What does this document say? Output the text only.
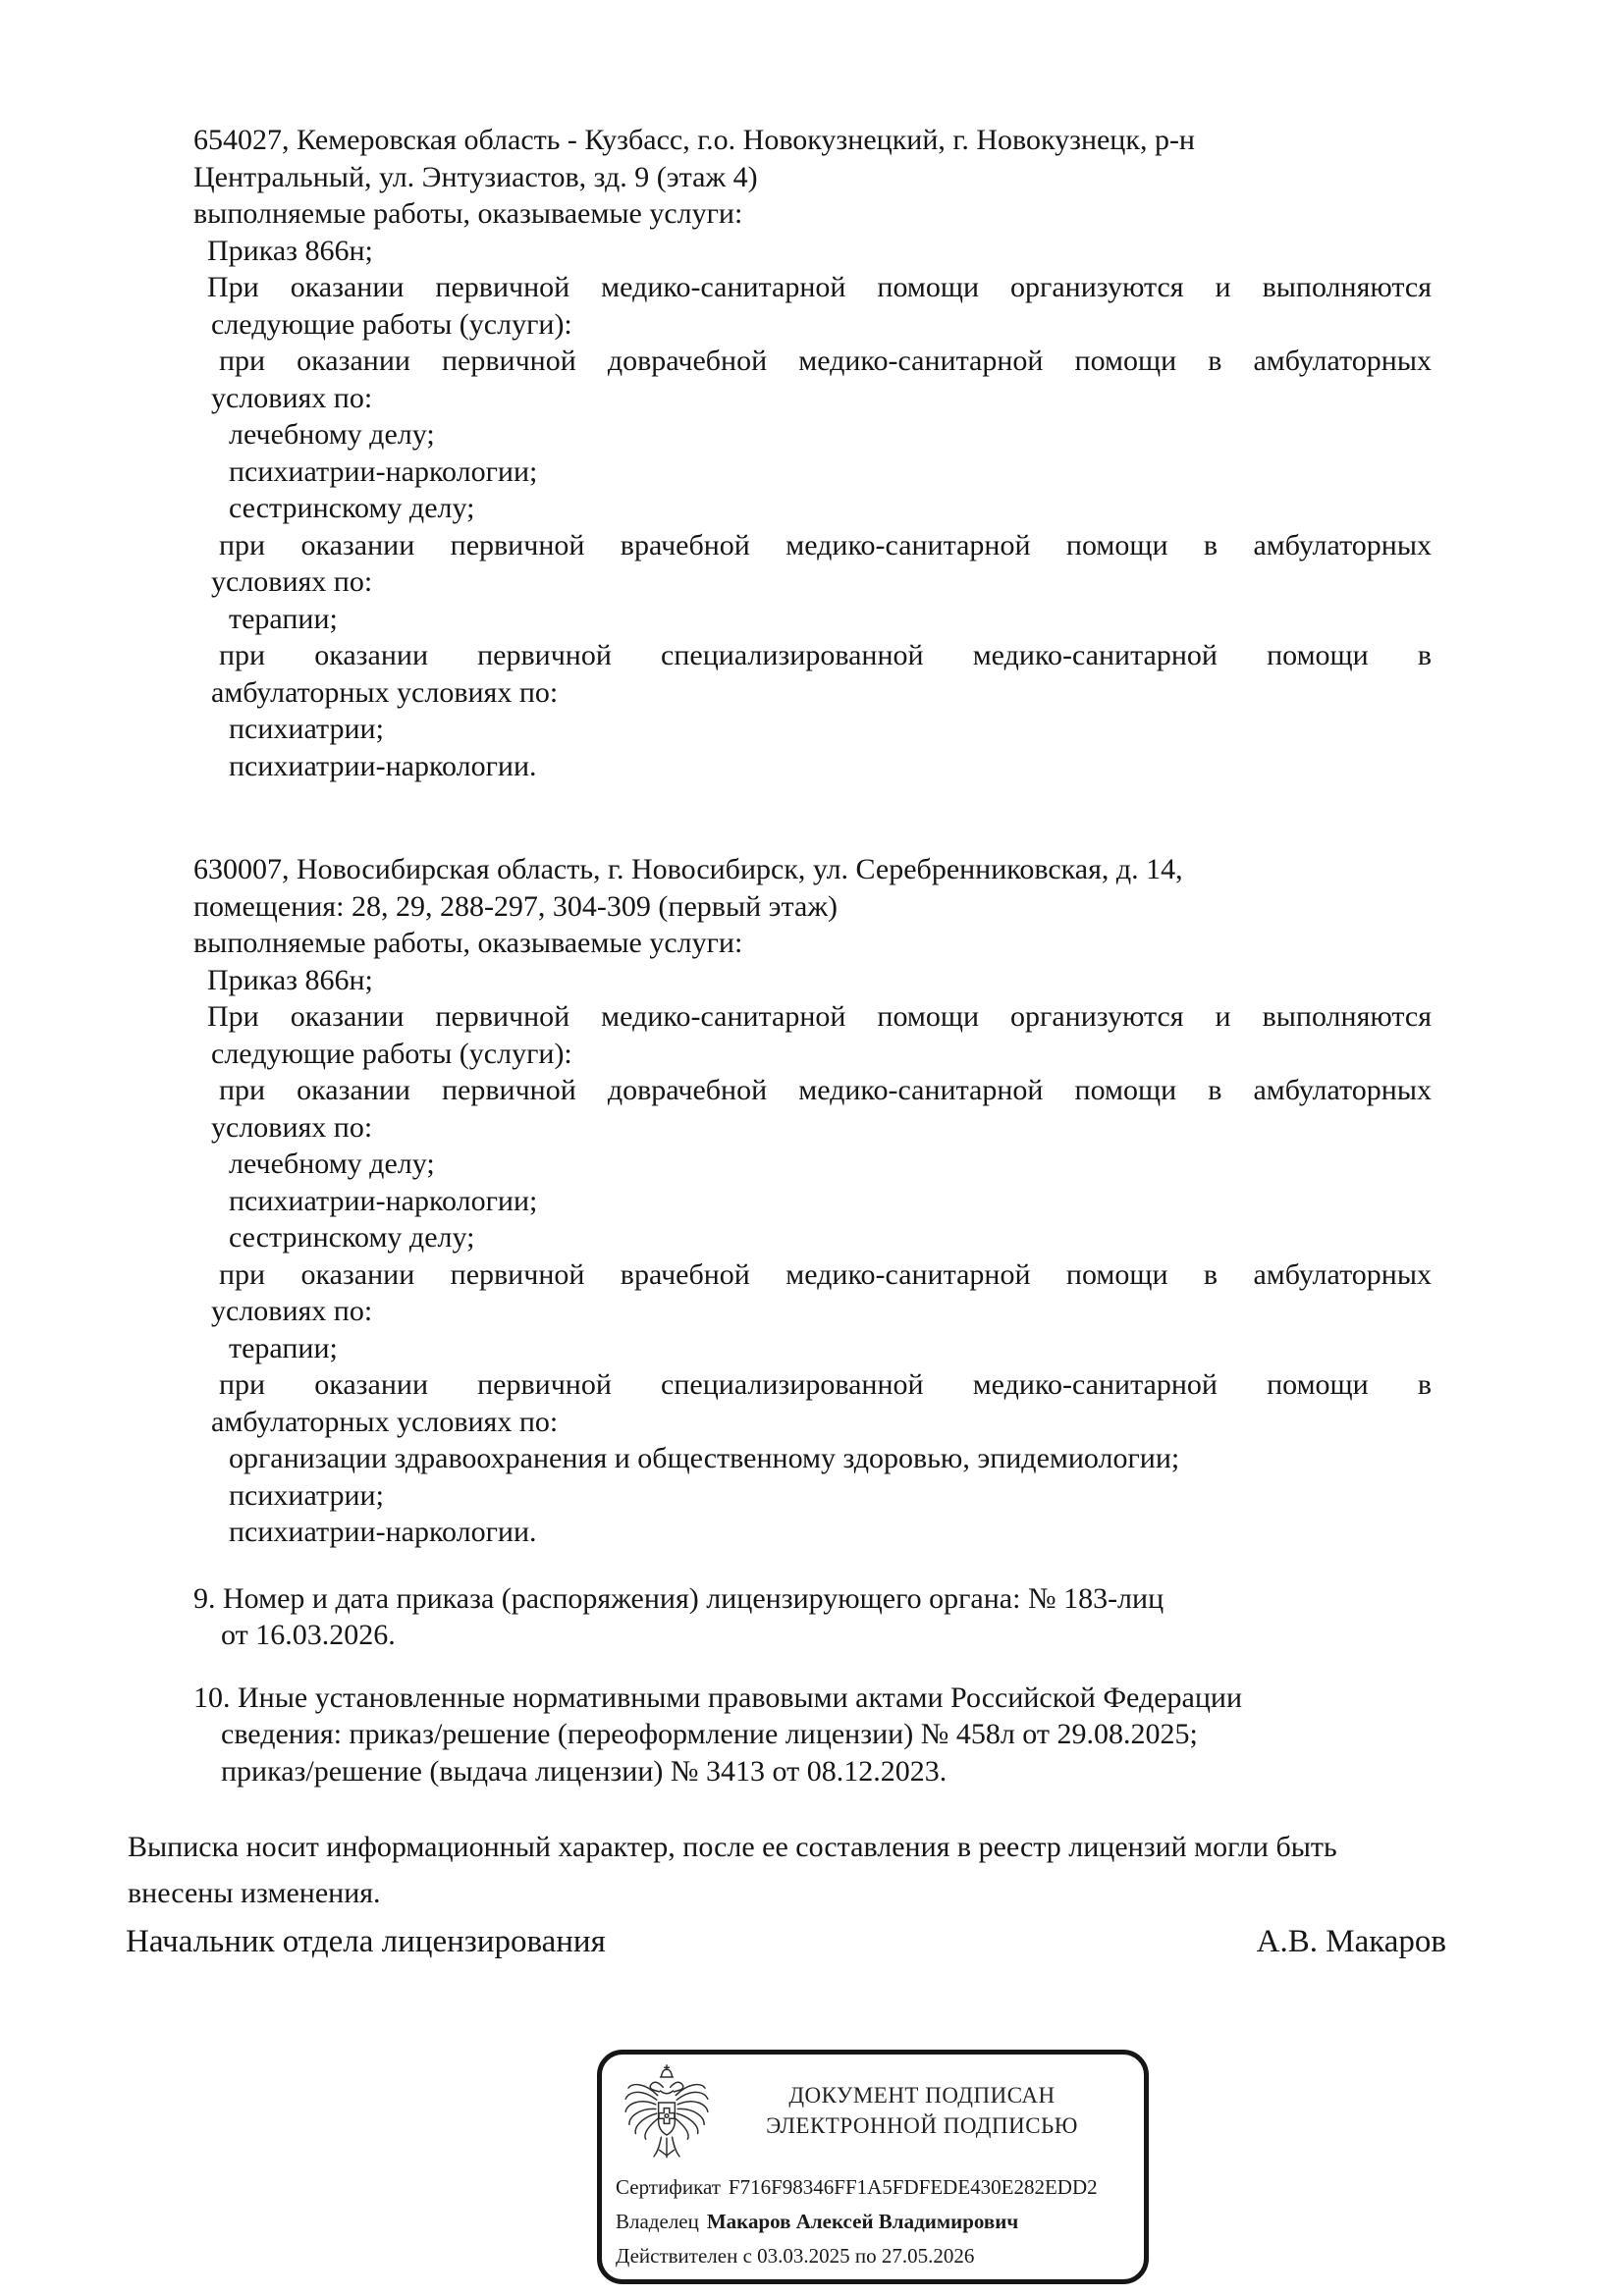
654027, Кемеровская область - Кузбасс, г.о. Новокузнецкий, г. Новокузнецк, р-н
Центральный, ул. Энтузиастов, зд. 9 (этаж 4)
выполняемые работы, оказываемые услуги:
Приказ 866н;
При оказании первичной медико-санитарной помощи организуются и выполняются
следующие работы (услуги):
при оказании первичной доврачебной медико-санитарной помощи в амбулаторных
условиях по:
лечебному делу;
психиатрии-наркологии;
сестринскому делу;
при оказании первичной врачебной медико-санитарной помощи в амбулаторных
условиях по:
терапии;
при оказании первичной специализированной медико-санитарной помощи в
амбулаторных условиях по:
психиатрии;
психиатрии-наркологии.
630007, Новосибирская область, г. Новосибирск, ул. Серебренниковская, д. 14,
помещения: 28, 29, 288-297, 304-309 (первый этаж)
выполняемые работы, оказываемые услуги:
Приказ 866н;
При оказании первичной медико-санитарной помощи организуются и выполняются
следующие работы (услуги):
при оказании первичной доврачебной медико-санитарной помощи в амбулаторных
условиях по:
лечебному делу;
психиатрии-наркологии;
сестринскому делу;
при оказании первичной врачебной медико-санитарной помощи в амбулаторных
условиях по:
терапии;
при оказании первичной специализированной медико-санитарной помощи в
амбулаторных условиях по:
организации здравоохранения и общественному здоровью, эпидемиологии;
психиатрии;
психиатрии-наркологии.
9. Номер и дата приказа (распоряжения) лицензирующего органа: № 183-лиц
от 16.03.2026.
10. Иные установленные нормативными правовыми актами Российской Федерации
сведения: приказ/решение (переоформление лицензии) № 458л от 29.08.2025;
приказ/решение (выдача лицензии) № 3413 от 08.12.2023.
Выписка носит информационный характер, после ее составления в реестр лицензий могли быть
внесены изменения.
Начальник отдела лицензирования	А.В. Макаров
ДОКУМЕНТ ПОДПИСАН
ЭЛЕКТРОННОЙ ПОДПИСЬЮ
Сертификат F716F98346FF1A5FDFEDE430E282EDD2
Владелец Макаров Алексей Владимирович
Действителен с 03.03.2025 по 27.05.2026
